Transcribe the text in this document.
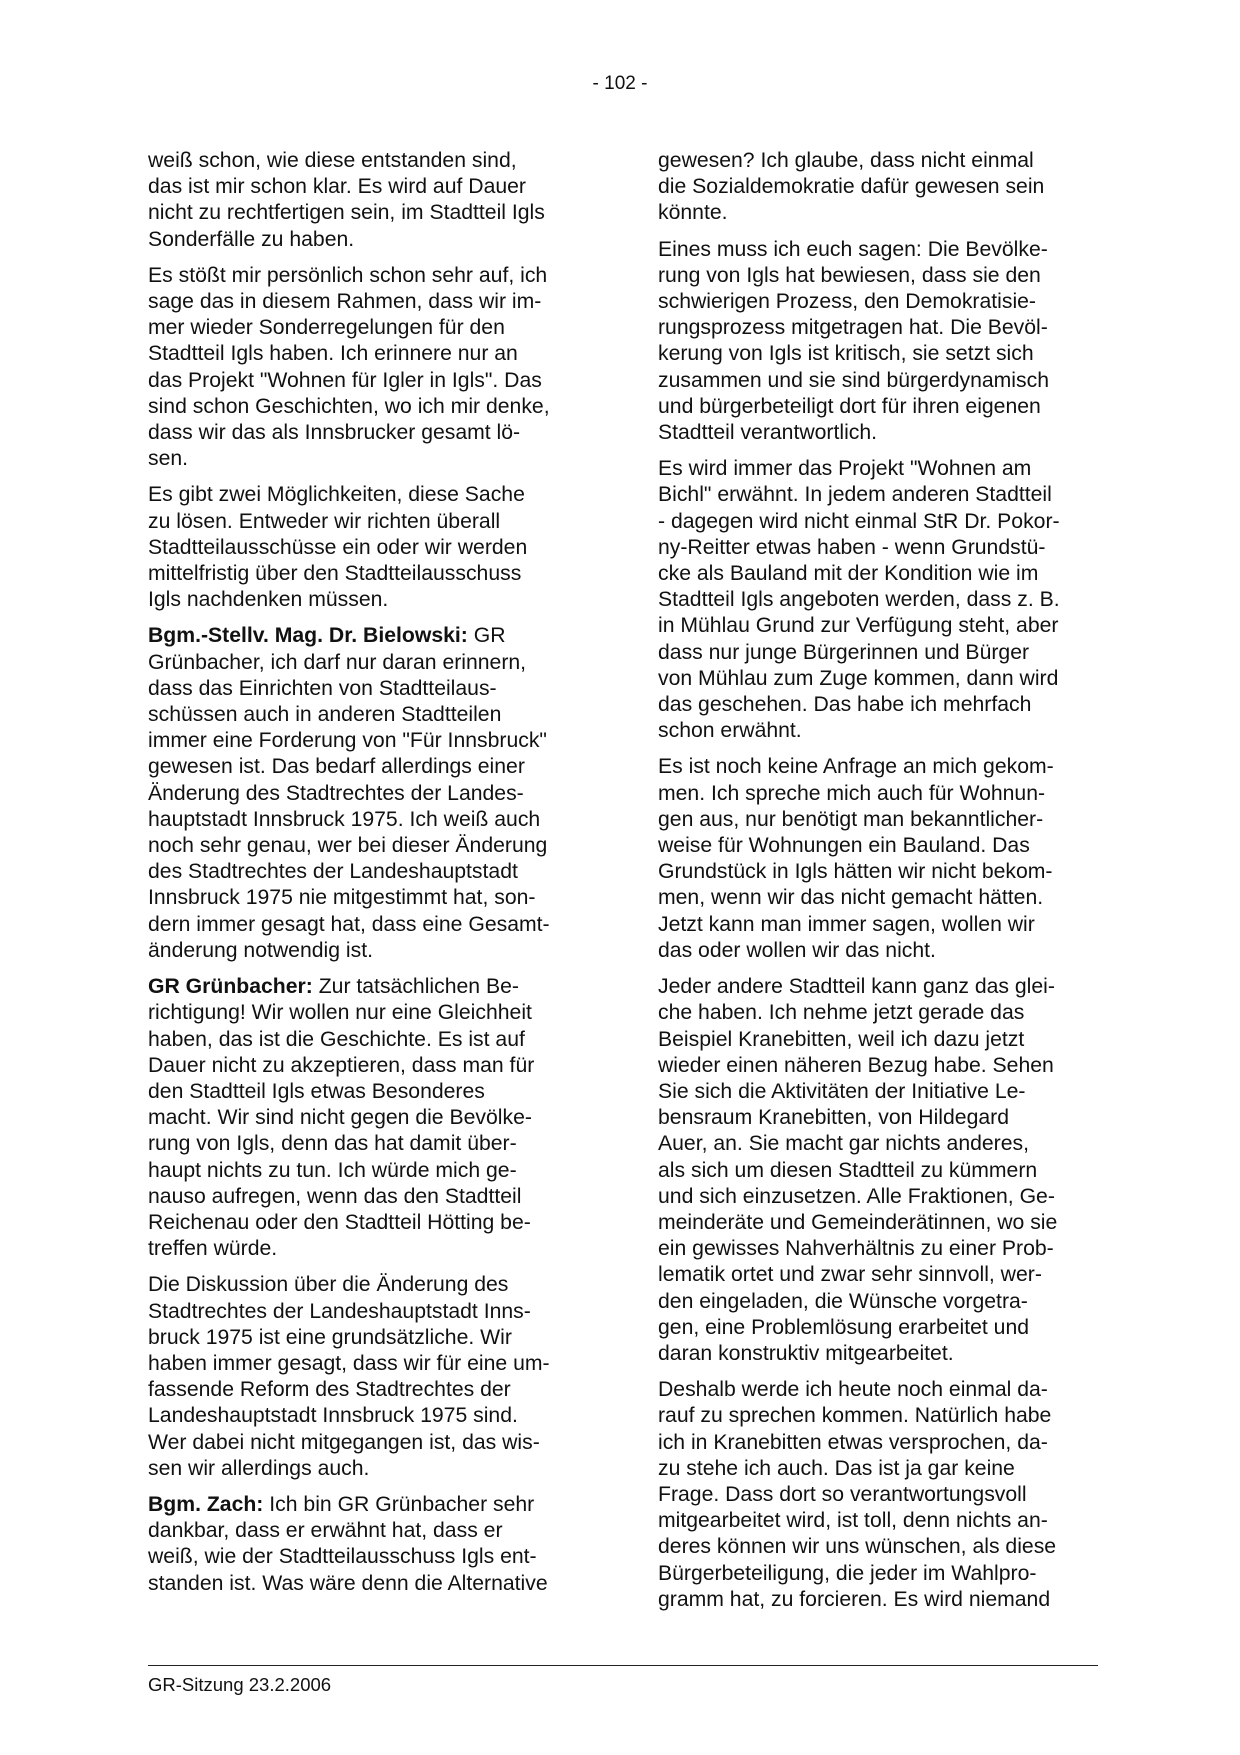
- 102 -

weiß schon, wie diese entstanden sind,
das ist mir schon klar. Es wird auf Dauer
nicht zu rechtfertigen sein, im Stadtteil Igls
Sonderfälle zu haben.

Es stößt mir persönlich schon sehr auf, ich
sage das in diesem Rahmen, dass wir im-
mer wieder Sonderregelungen für den
Stadtteil Igls haben. Ich erinnere nur an
das Projekt "Wohnen für Igler in Igls". Das
sind schon Geschichten, wo ich mir denke,
dass wir das als Innsbrucker gesamt lö-
sen.

Es gibt zwei Möglichkeiten, diese Sache
zu lösen. Entweder wir richten überall
Stadtteilausschüsse ein oder wir werden
mittelfristig über den Stadtteilausschuss
Igls nachdenken müssen.

Bgm.-Stellv. Mag. Dr. Bielowski: GR
Grünbacher, ich darf nur daran erinnern,
dass das Einrichten von Stadtteilaus-
schüssen auch in anderen Stadtteilen
immer eine Forderung von "Für Innsbruck"
gewesen ist. Das bedarf allerdings einer
Änderung des Stadtrechtes der Landes-
hauptstadt Innsbruck 1975. Ich weiß auch
noch sehr genau, wer bei dieser Änderung
des Stadtrechtes der Landeshauptstadt
Innsbruck 1975 nie mitgestimmt hat, son-
dern immer gesagt hat, dass eine Gesamt-
änderung notwendig ist.

GR Grünbacher: Zur tatsächlichen Be-
richtigung! Wir wollen nur eine Gleichheit
haben, das ist die Geschichte. Es ist auf
Dauer nicht zu akzeptieren, dass man für
den Stadtteil Igls etwas Besonderes
macht. Wir sind nicht gegen die Bevölke-
rung von Igls, denn das hat damit über-
haupt nichts zu tun. Ich würde mich ge-
nauso aufregen, wenn das den Stadtteil
Reichenau oder den Stadtteil Hötting be-
treffen würde.

Die Diskussion über die Änderung des
Stadtrechtes der Landeshauptstadt Inns-
bruck 1975 ist eine grundsätzliche. Wir
haben immer gesagt, dass wir für eine um-
fassende Reform des Stadtrechtes der
Landeshauptstadt Innsbruck 1975 sind.
Wer dabei nicht mitgegangen ist, das wis-
sen wir allerdings auch.

Bgm. Zach: Ich bin GR Grünbacher sehr
dankbar, dass er erwähnt hat, dass er
weiß, wie der Stadtteilausschuss Igls ent-
standen ist. Was wäre denn die Alternative

gewesen? Ich glaube, dass nicht einmal
die Sozialdemokratie dafür gewesen sein
könnte.

Eines muss ich euch sagen: Die Bevölke-
rung von Igls hat bewiesen, dass sie den
schwierigen Prozess, den Demokratisie-
rungsprozess mitgetragen hat. Die Bevöl-
kerung von Igls ist kritisch, sie setzt sich
zusammen und sie sind bürgerdynamisch
und bürgerbeteiligt dort für ihren eigenen
Stadtteil verantwortlich.

Es wird immer das Projekt "Wohnen am
Bichl" erwähnt. In jedem anderen Stadtteil
- dagegen wird nicht einmal StR Dr. Pokor-
ny-Reitter etwas haben - wenn Grundstü-
cke als Bauland mit der Kondition wie im
Stadtteil Igls angeboten werden, dass z. B.
in Mühlau Grund zur Verfügung steht, aber
dass nur junge Bürgerinnen und Bürger
von Mühlau zum Zuge kommen, dann wird
das geschehen. Das habe ich mehrfach
schon erwähnt.

Es ist noch keine Anfrage an mich gekom-
men. Ich spreche mich auch für Wohnun-
gen aus, nur benötigt man bekanntlicher-
weise für Wohnungen ein Bauland. Das
Grundstück in Igls hätten wir nicht bekom-
men, wenn wir das nicht gemacht hätten.
Jetzt kann man immer sagen, wollen wir
das oder wollen wir das nicht.

Jeder andere Stadtteil kann ganz das glei-
che haben. Ich nehme jetzt gerade das
Beispiel Kranebitten, weil ich dazu jetzt
wieder einen näheren Bezug habe. Sehen
Sie sich die Aktivitäten der Initiative Le-
bensraum Kranebitten, von Hildegard
Auer, an. Sie macht gar nichts anderes,
als sich um diesen Stadtteil zu kümmern
und sich einzusetzen. Alle Fraktionen, Ge-
meinderäte und Gemeinderätinnen, wo sie
ein gewisses Nahverhältnis zu einer Prob-
lematik ortet und zwar sehr sinnvoll, wer-
den eingeladen, die Wünsche vorgetra-
gen, eine Problemlösung erarbeitet und
daran konstruktiv mitgearbeitet.

Deshalb werde ich heute noch einmal da-
rauf zu sprechen kommen. Natürlich habe
ich in Kranebitten etwas versprochen, da-
zu stehe ich auch. Das ist ja gar keine
Frage. Dass dort so verantwortungsvoll
mitgearbeitet wird, ist toll, denn nichts an-
deres können wir uns wünschen, als diese
Bürgerbeteiligung, die jeder im Wahlpro-
gramm hat, zu forcieren. Es wird niemand

GR-Sitzung 23.2.2006
